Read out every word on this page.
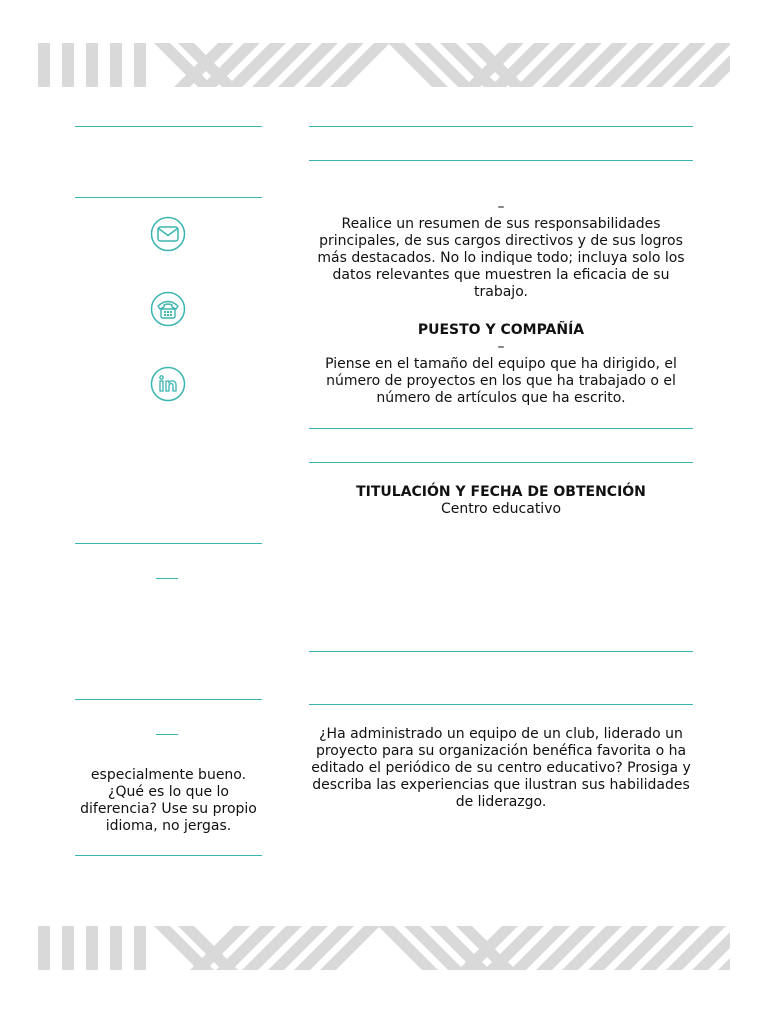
–
Realice un resumen de sus responsabilidades principales, de sus cargos directivos y de sus logros más destacados. No lo indique todo; incluya solo los datos relevantes que muestren la eficacia de su trabajo.
PUESTO Y COMPAÑÍA
–
Piense en el tamaño del equipo que ha dirigido, el número de proyectos en los que ha trabajado o el número de artículos que ha escrito.
TITULACIÓN Y FECHA DE OBTENCIÓN
Centro educativo
especialmente bueno. ¿Qué es lo que lo diferencia? Use su propio idioma, no jergas.
¿Ha administrado un equipo de un club, liderado un proyecto para su organización benéfica favorita o ha editado el periódico de su centro educativo? Prosiga y describa las experiencias que ilustran sus habilidades de liderazgo.
